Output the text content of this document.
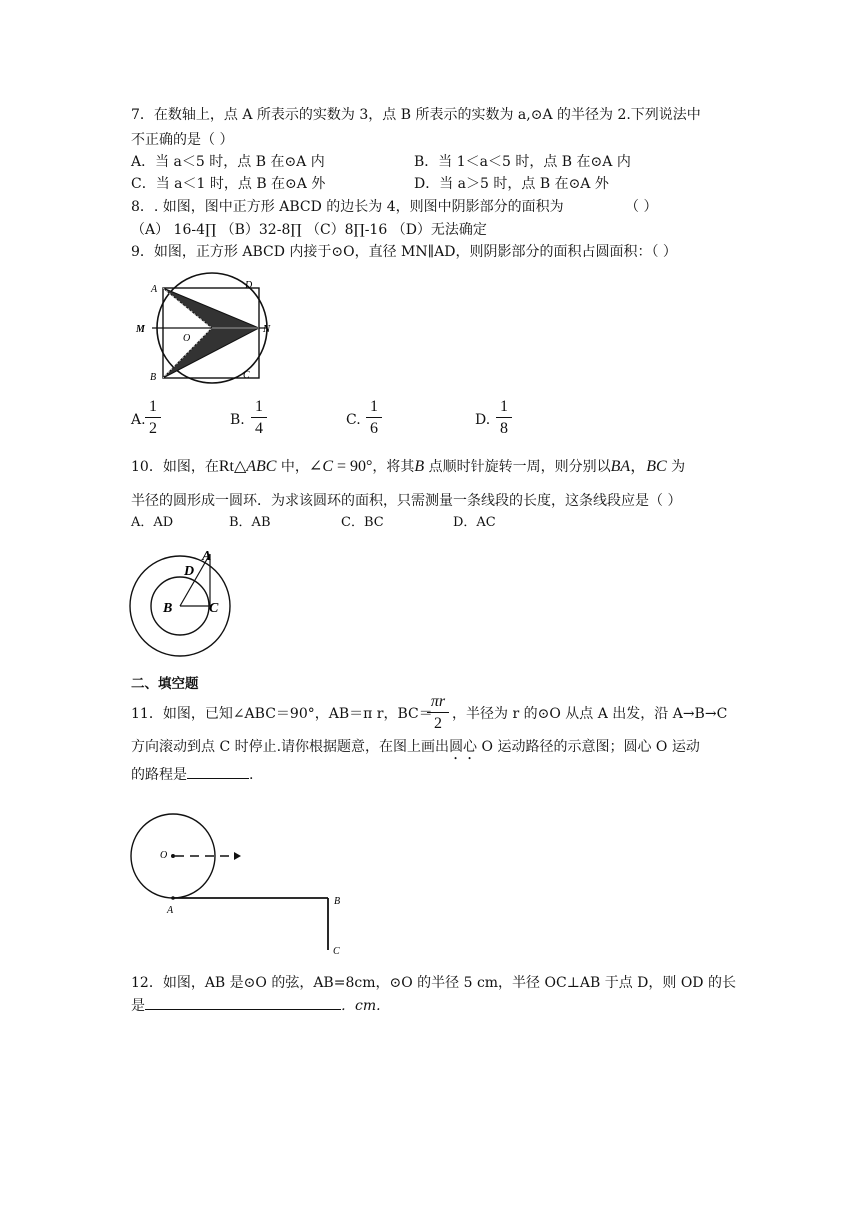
7．在数轴上，点 A 所表示的实数为 3，点 B 所表示的实数为 a,⊙A 的半径为 2.下列说法中
不正确的是（ ）
A．当 a＜5 时，点 B 在⊙A 内	B．当 1＜a＜5 时，点 B 在⊙A 内
C．当 a＜1 时，点 B 在⊙A 外	D．当 a＞5 时，点 B 在⊙A 外
8．. 如图，图中正方形 ABCD 的边长为 4，则图中阴影部分的面积为	（ ）
（A） 16-4∏ （B）32-8∏ （C）8∏-16 （D）无法确定
9．如图，正方形 ABCD 内接于⊙O，直径 MN∥AD，则阴影部分的面积占圆面积：（ ）
A	D
M
O
N
B	C
A.
1
2	B.
1
4	C.
1
6	D.
1
8
10．如图，在Rt△ABC 中，∠C = 90°，将其B 点顺时针旋转一周，则分别以BA，BC 为
半径的圆形成一圆环．为求该圆环的面积，只需测量一条线段的长度，这条线段应是（ ）
A．AD	B．AB	C．BC	D．AC
A
D
B	C
二、填空题
11．如图，已知∠ABC＝90°，AB＝π r，BC＝
πr
2
，半径为 r 的⊙O 从点 A 出发，沿 A→B→C
方向滚动到点 C 时停止.请你根据题意，在图上画出圆心 O 运动路径的示意图；圆心 O 运动
的路程是	.
O
A
B
C
12．如图，AB 是⊙O 的弦，AB=8cm，⊙O 的半径 5 cm，半径 OC⊥AB 于点 D，则 OD 的长
是	．cm.
